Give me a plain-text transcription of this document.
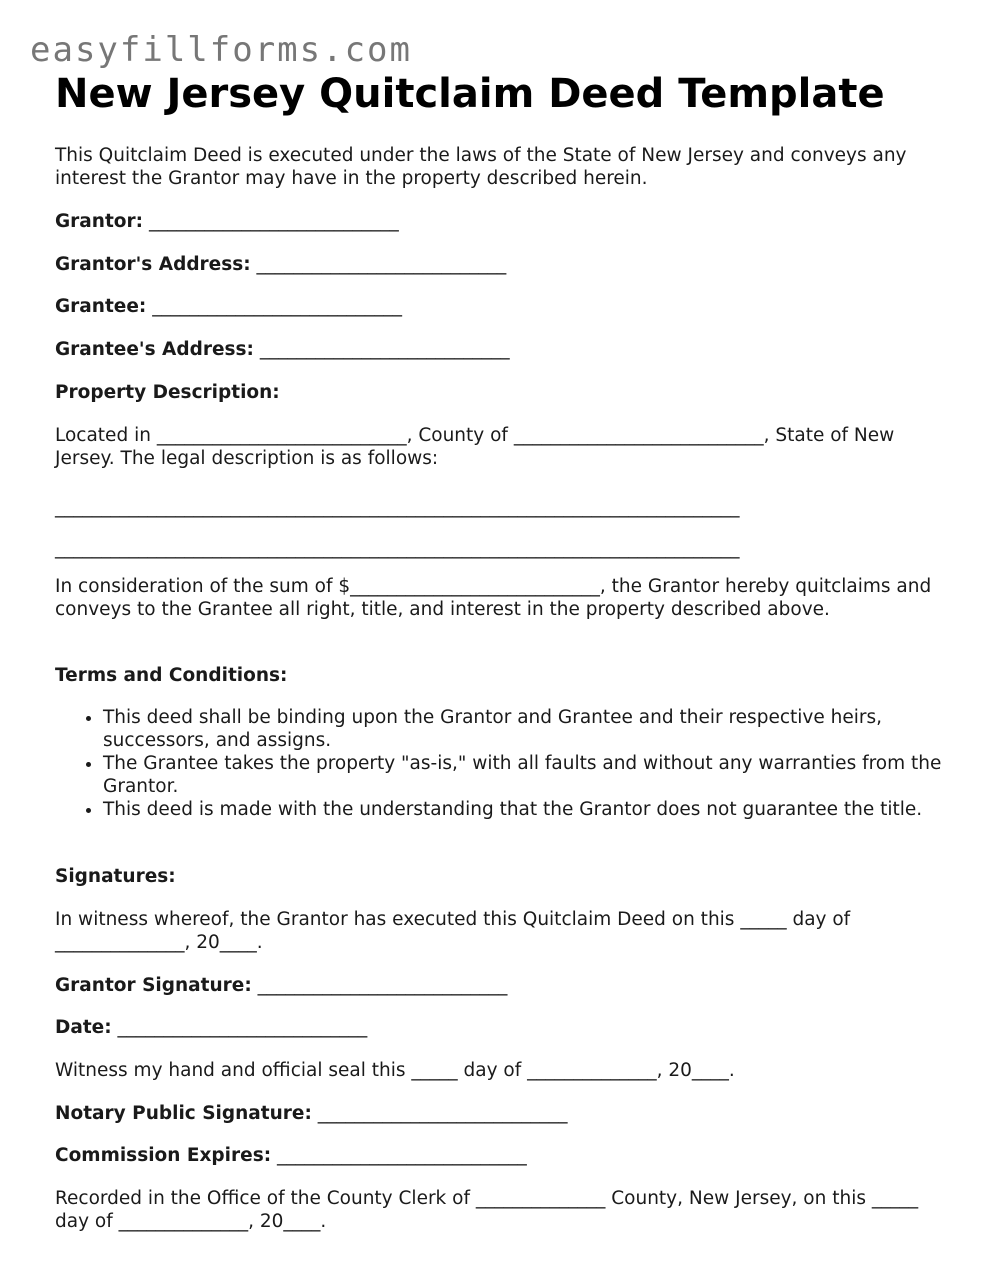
easyfillforms.com
New Jersey Quitclaim Deed Template

This Quitclaim Deed is executed under the laws of the State of New Jersey and conveys any interest the Grantor may have in the property described herein.

Grantor: ___________________________

Grantor's Address: ___________________________

Grantee: ___________________________

Grantee's Address: ___________________________

Property Description:

Located in ___________________________, County of ___________________________, State of New Jersey. The legal description is as follows:

__________________________________________________________________________

__________________________________________________________________________

In consideration of the sum of $___________________________, the Grantor hereby quitclaims and conveys to the Grantee all right, title, and interest in the property described above.

Terms and Conditions:

• This deed shall be binding upon the Grantor and Grantee and their respective heirs, successors, and assigns.
• The Grantee takes the property "as-is," with all faults and without any warranties from the Grantor.
• This deed is made with the understanding that the Grantor does not guarantee the title.

Signatures:

In witness whereof, the Grantor has executed this Quitclaim Deed on this _____ day of ______________, 20____.

Grantor Signature: ___________________________

Date: ___________________________

Witness my hand and official seal this _____ day of ______________, 20____.

Notary Public Signature: ___________________________

Commission Expires: ___________________________

Recorded in the Office of the County Clerk of ______________ County, New Jersey, on this _____ day of ______________, 20____.
